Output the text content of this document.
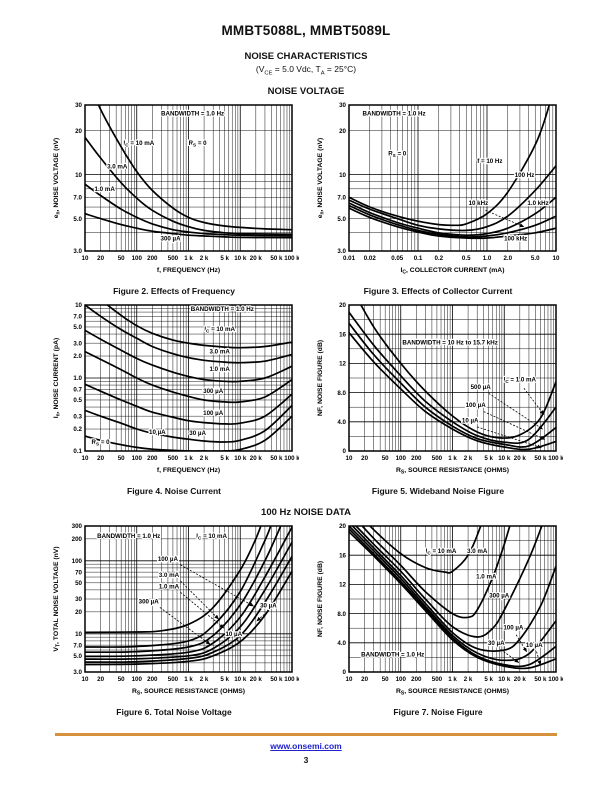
MMBT5088L, MMBT5089L
NOISE CHARACTERISTICS
($V_{CE} = 5.0$ Vdc, $T_A = 25^\circ C$)
NOISE VOLTAGE
BANDWIDTH = 1.0 Hz
$I_C = 10$ mA	$R_S = 0$
3.0 mA
1.0 mA
300 µA
10 20 50 100 200 500 1 k 2 k 5 k 10 k 20 k 50 k 100 k
3.0
5.0
7.0
10
20
30
f, FREQUENCY (Hz)
$e_n$, NOISE VOLTAGE (nV)
Figure 2. Effects of Frequency
BANDWIDTH = 1.0 Hz
$R_S = 0$
f = 10 Hz
100 Hz
10 kHz	1.0 kHz
100 kHz
0.01 0.02 0.05 0.1 0.2	0.5 1.0 2.0	5.0 10
3.0
5.0
7.0
10
20
30
$I_C$, COLLECTOR CURRENT (mA)
$e_n$, NOISE VOLTAGE (nV)
Figure 3. Effects of Collector Current
BANDWIDTH = 1.0 Hz
$I_C = 10$ mA
3.0 mA
1.0 mA
300 µA
100 µA
30 µA
10 µA
$R_S = 0$
10 20 50 100 200 500 1 k 2 k 5 k 10 k 20 k 50 k 100 k
0.1
0.2
0.3
0.5
0.7
1.0
2.0
3.0
5.0
7.0
10
f, FREQUENCY (Hz)
$I_n$, NOISE CURRENT (pA)
Figure 4. Noise Current
BANDWIDTH = 10 Hz to 15.7 kHz
$I_C = 1.0$ mA
500 µA
100 µA
10 µA
10 20 50 100 200 500 1 k 2 k 5 k 10 k 20 k 50 k 100 k
0
4.0
8.0
12
16
20
$R_S$, SOURCE RESISTANCE (OHMS)
NF, NOISE FIGURE (dB)
Figure 5. Wideband Noise Figure
100 Hz NOISE DATA
BANDWIDTH = 1.0 Hz	$I_C = 10$ mA
100 µA
3.0 mA
1.0 mA
300 µA
30 µA
10 µA
10 20 50 100 200 500 1 k 2 k 5 k 10 k 20 k 50 k 100 k
3.0
5.0
7.0
10
20
30
50
70
100
200
300
$R_S$, SOURCE RESISTANCE (OHMS)
$V_T$, TOTAL NOISE VOLTAGE (nV)
Figure 6. Total Noise Voltage
$I_C = 10$ mA 3.0 mA
1.0 mA
300 µA
100 µA
30 µA	10 µA
BANDWIDTH = 1.0 Hz
10 20 50 100 200 500 1 k 2 k 5 k 10 k 20 k 50 k 100 k
0
4.0
8.0
12
16
20
$R_S$, SOURCE RESISTANCE (OHMS)
NF, NOISE FIGURE (dB)
Figure 7. Noise Figure
www.onsemi.com
3
